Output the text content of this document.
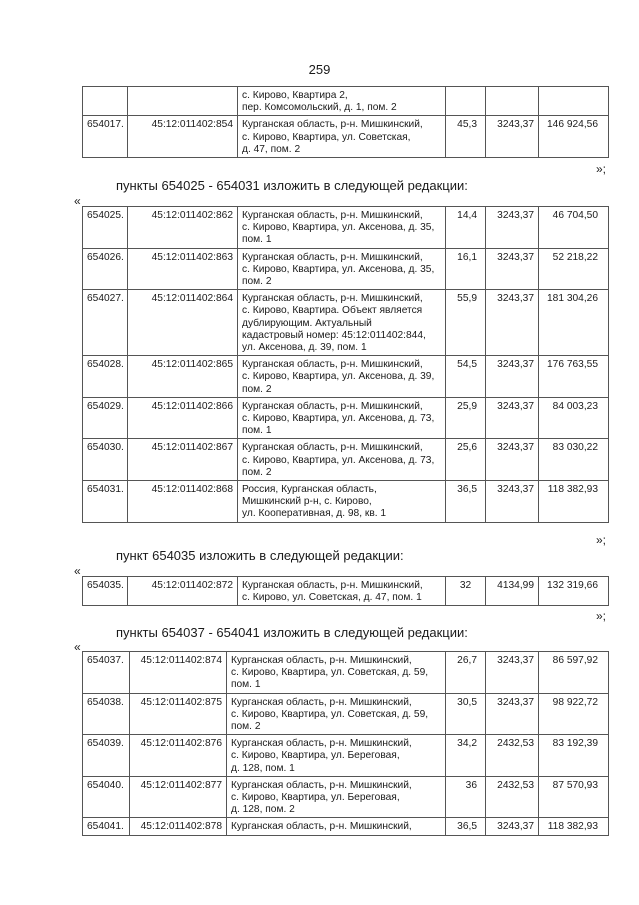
259
		с. Кирово, Квартира 2,
пер. Комсомольский, д. 1, пом. 2			
654017.	45:12:011402:854	Курганская область, р-н. Мишкинский,
с. Кирово, Квартира, ул. Советская,
д. 47, пом. 2	45,3	3243,37	146 924,56
»;
пункты 654025 - 654031 изложить в следующей редакции:
«
654025.	45:12:011402:862	Курганская область, р-н. Мишкинский,
с. Кирово, Квартира, ул. Аксенова, д. 35,
пом. 1	14,4	3243,37	46 704,50
654026.	45:12:011402:863	Курганская область, р-н. Мишкинский,
с. Кирово, Квартира, ул. Аксенова, д. 35,
пом. 2	16,1	3243,37	52 218,22
654027.	45:12:011402:864	Курганская область, р-н. Мишкинский,
с. Кирово, Квартира. Объект является
дублирующим. Актуальный
кадастровый номер: 45:12:011402:844,
ул. Аксенова, д. 39, пом. 1	55,9	3243,37	181 304,26
654028.	45:12:011402:865	Курганская область, р-н. Мишкинский,
с. Кирово, Квартира, ул. Аксенова, д. 39,
пом. 2	54,5	3243,37	176 763,55
654029.	45:12:011402:866	Курганская область, р-н. Мишкинский,
с. Кирово, Квартира, ул. Аксенова, д. 73,
пом. 1	25,9	3243,37	84 003,23
654030.	45:12:011402:867	Курганская область, р-н. Мишкинский,
с. Кирово, Квартира, ул. Аксенова, д. 73,
пом. 2	25,6	3243,37	83 030,22
654031.	45:12:011402:868	Россия, Курганская область,
Мишкинский р-н, с. Кирово,
ул. Кооперативная, д. 98, кв. 1	36,5	3243,37	118 382,93
»;
пункт 654035 изложить в следующей редакции:
«
654035.	45:12:011402:872	Курганская область, р-н. Мишкинский,
с. Кирово, ул. Советская, д. 47, пом. 1	32	4134,99	132 319,66
»;
пункты 654037 - 654041 изложить в следующей редакции:
«
654037.	45:12:011402:874	Курганская область, р-н. Мишкинский,
с. Кирово, Квартира, ул. Советская, д. 59,
пом. 1	26,7	3243,37	86 597,92
654038.	45:12:011402:875	Курганская область, р-н. Мишкинский,
с. Кирово, Квартира, ул. Советская, д. 59,
пом. 2	30,5	3243,37	98 922,72
654039.	45:12:011402:876	Курганская область, р-н. Мишкинский,
с. Кирово, Квартира, ул. Береговая,
д. 128, пом. 1	34,2	2432,53	83 192,39
654040.	45:12:011402:877	Курганская область, р-н. Мишкинский,
с. Кирово, Квартира, ул. Береговая,
д. 128, пом. 2	36	2432,53	87 570,93
654041.	45:12:011402:878	Курганская область, р-н. Мишкинский,	36,5	3243,37	118 382,93
